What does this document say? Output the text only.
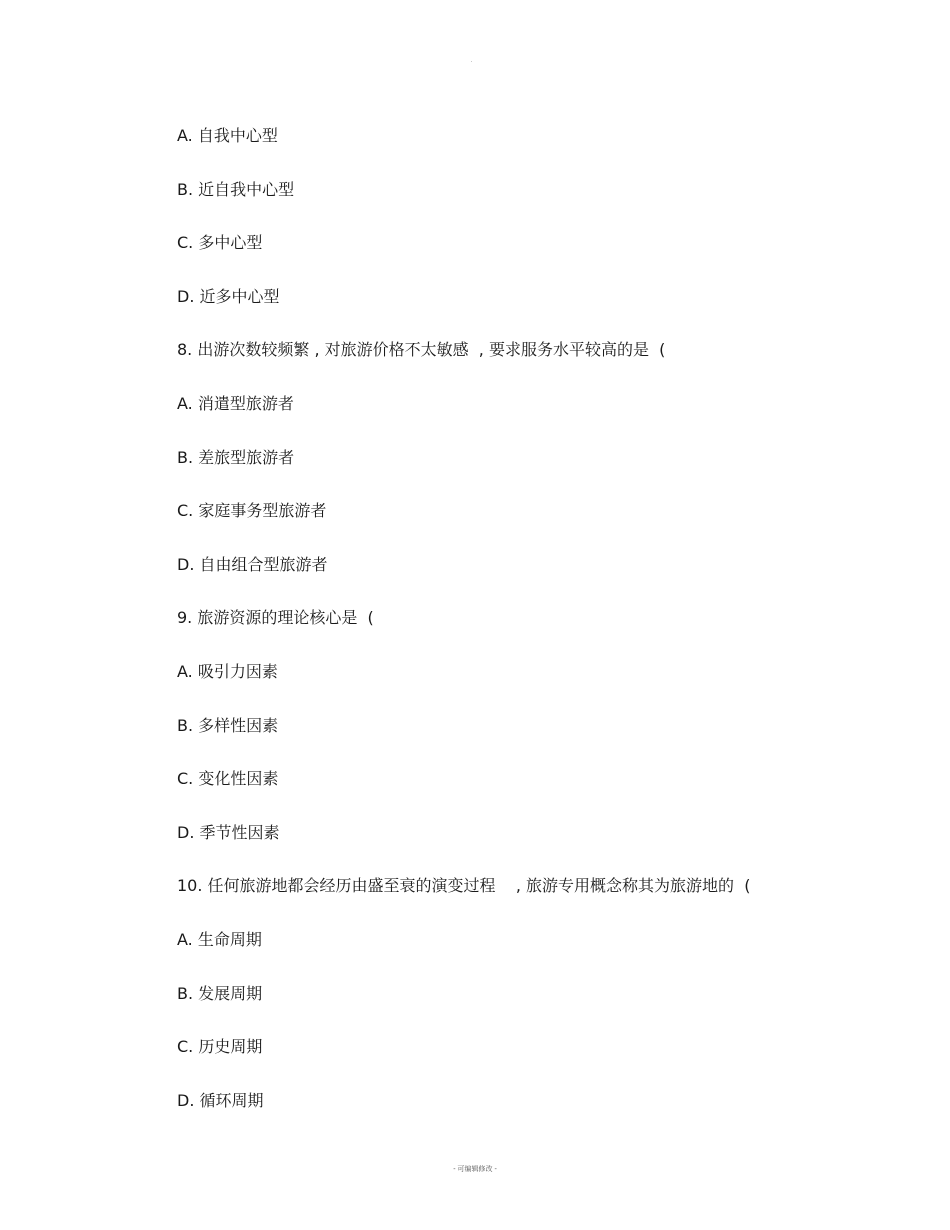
.
A. 自我中心型
B. 近自我中心型
C. 多中心型
D. 近多中心型
8. 出游次数较频繁 , 对旅游价格不太敏感  , 要求服务水平较高的是  (
A. 消遣型旅游者
B. 差旅型旅游者
C. 家庭事务型旅游者
D. 自由组合型旅游者
9. 旅游资源的理论核心是  (
A. 吸引力因素
B. 多样性因素
C. 变化性因素
D. 季节性因素
10. 任何旅游地都会经历由盛至衰的演变过程    , 旅游专用概念称其为旅游地的  (
A. 生命周期
B. 发展周期
C. 历史周期
D. 循环周期
- 可编辑修改 -
